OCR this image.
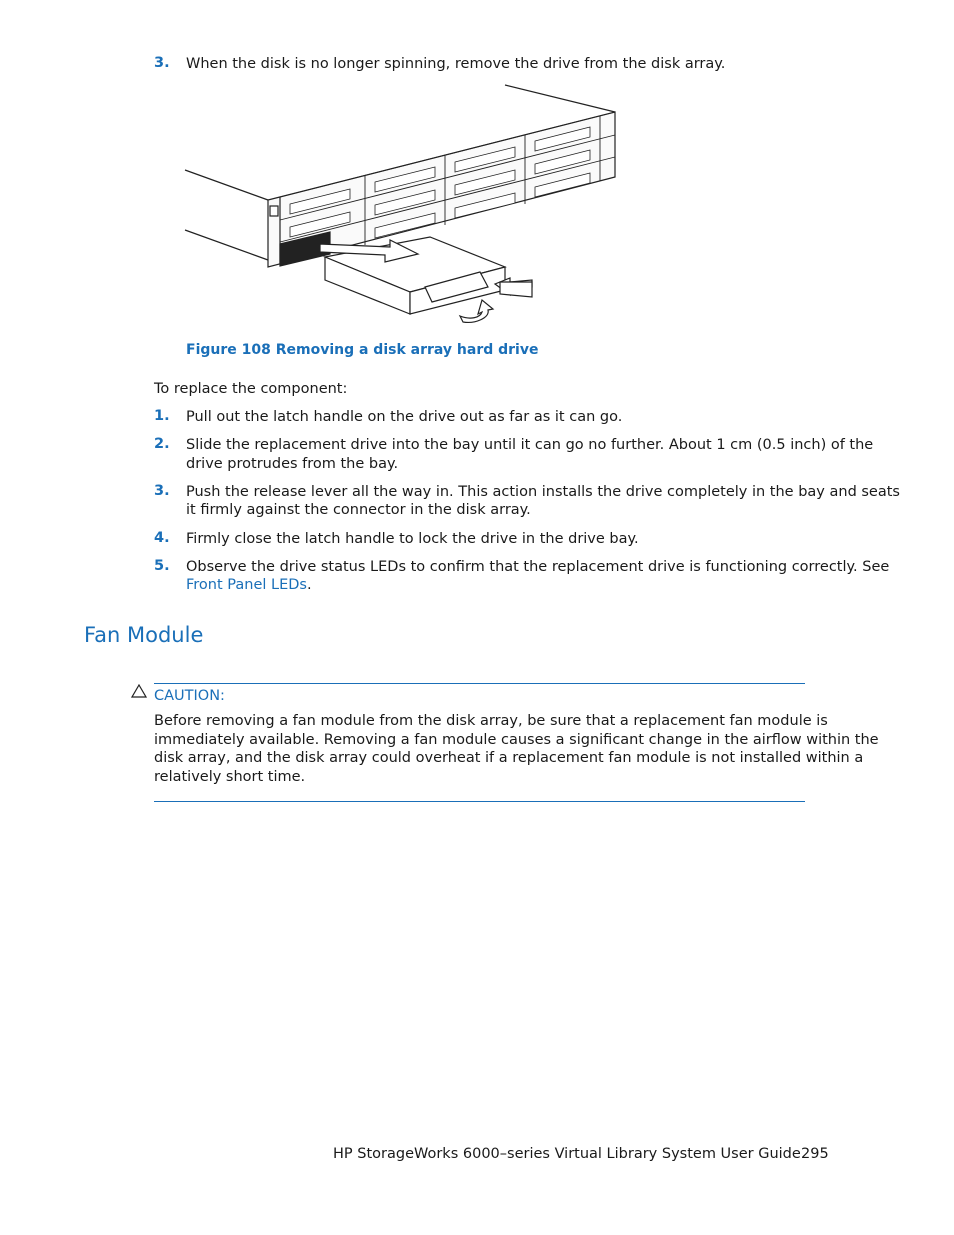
3. When the disk is no longer spinning, remove the drive from the disk array.
Figure 108 Removing a disk array hard drive
To replace the component:
1. Pull out the latch handle on the drive out as far as it can go.
2. Slide the replacement drive into the bay until it can go no further. About 1 cm (0.5 inch) of the
drive protrudes from the bay.
3. Push the release lever all the way in. This action installs the drive completely in the bay and seats
it firmly against the connector in the disk array.
4. Firmly close the latch handle to lock the drive in the drive bay.
5. Observe the drive status LEDs to confirm that the replacement drive is functioning correctly. See
Front Panel LEDs.
Fan Module
CAUTION:
Before removing a fan module from the disk array, be sure that a replacement fan module is
immediately available. Removing a fan module causes a significant change in the airflow within the
disk array, and the disk array could overheat if a replacement fan module is not installed within a
relatively short time.
HP StorageWorks 6000–series Virtual Library System User Guide 295
